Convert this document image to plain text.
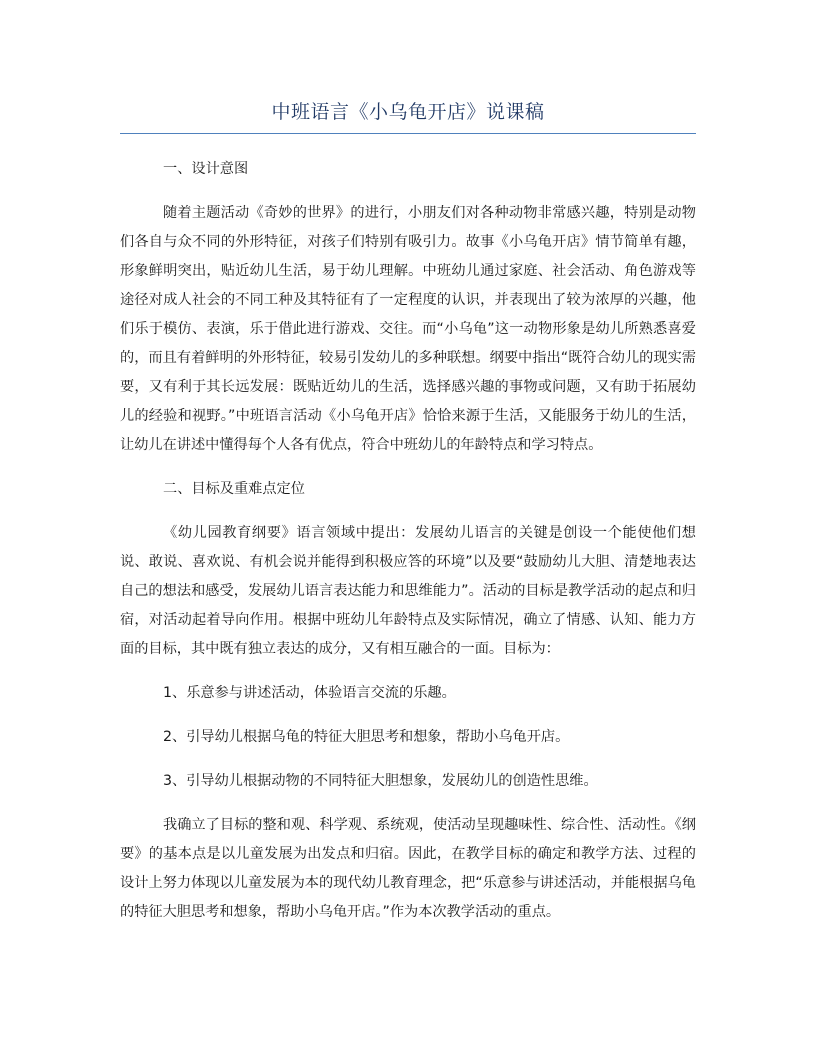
中班语言《小乌龟开店》说课稿

一、设计意图

随着主题活动《奇妙的世界》的进行，小朋友们对各种动物非常感兴趣，特别是动物们各自与众不同的外形特征，对孩子们特别有吸引力。故事《小乌龟开店》情节简单有趣，形象鲜明突出，贴近幼儿生活，易于幼儿理解。中班幼儿通过家庭、社会活动、角色游戏等途径对成人社会的不同工种及其特征有了一定程度的认识，并表现出了较为浓厚的兴趣，他们乐于模仿、表演，乐于借此进行游戏、交往。而“小乌龟”这一动物形象是幼儿所熟悉喜爱的，而且有着鲜明的外形特征，较易引发幼儿的多种联想。纲要中指出“既符合幼儿的现实需要，又有利于其长远发展：既贴近幼儿的生活，选择感兴趣的事物或问题，又有助于拓展幼儿的经验和视野。”中班语言活动《小乌龟开店》恰恰来源于生活，又能服务于幼儿的生活，让幼儿在讲述中懂得每个人各有优点，符合中班幼儿的年龄特点和学习特点。

二、目标及重难点定位

《幼儿园教育纲要》语言领域中提出：发展幼儿语言的关键是创设一个能使他们想说、敢说、喜欢说、有机会说并能得到积极应答的环境”以及要“鼓励幼儿大胆、清楚地表达自己的想法和感受，发展幼儿语言表达能力和思维能力”。活动的目标是教学活动的起点和归宿，对活动起着导向作用。根据中班幼儿年龄特点及实际情况，确立了情感、认知、能力方面的目标，其中既有独立表达的成分，又有相互融合的一面。目标为：

1、乐意参与讲述活动，体验语言交流的乐趣。

2、引导幼儿根据乌龟的特征大胆思考和想象，帮助小乌龟开店。

3、引导幼儿根据动物的不同特征大胆想象，发展幼儿的创造性思维。

我确立了目标的整和观、科学观、系统观，使活动呈现趣味性、综合性、活动性。《纲要》的基本点是以儿童发展为出发点和归宿。因此，在教学目标的确定和教学方法、过程的设计上努力体现以儿童发展为本的现代幼儿教育理念，把“乐意参与讲述活动，并能根据乌龟的特征大胆思考和想象，帮助小乌龟开店。”作为本次教学活动的重点。
